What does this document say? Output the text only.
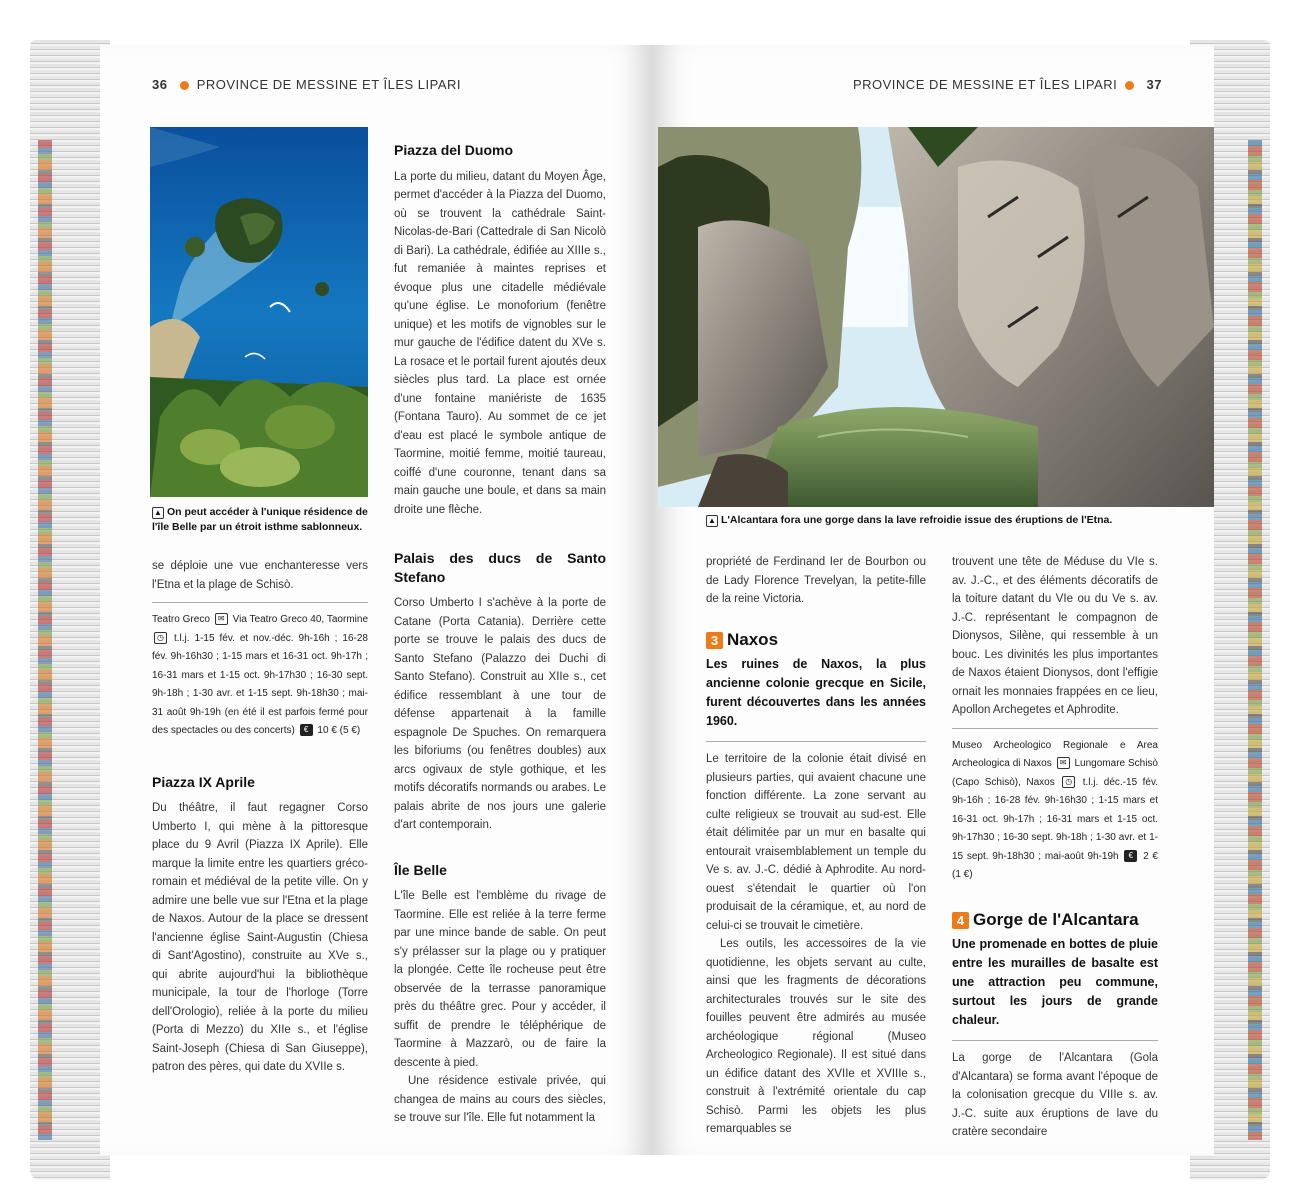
36 PROVINCE DE MESSINE ET ÎLES LIPARI
▲ On peut accéder à l'unique résidence de l'île Belle par un étroit isthme sablonneux.

se déploie une vue enchanteresse vers l'Etna et la plage de Schisò.

Teatro Greco ✉ Via Teatro Greco 40, Taormine ◷ t.l.j. 1-15 fév. et nov.-déc. 9h-16h ; 16-28 fév. 9h-16h30 ; 1-15 mars et 16-31 oct. 9h-17h ; 16-31 mars et 1-15 oct. 9h-17h30 ; 16-30 sept. 9h-18h ; 1-30 avr. et 1-15 sept. 9h-18h30 ; mai-31 août 9h-19h (en été il est parfois fermé pour des spectacles ou des concerts) € 10 € (5 €)
Piazza IX Aprile

Du théâtre, il faut regagner Corso Umberto I, qui mène à la pittoresque place du 9 Avril (Piazza IX Aprile). Elle marque la limite entre les quartiers gréco-romain et médiéval de la petite ville. On y admire une belle vue sur l'Etna et la plage de Naxos. Autour de la place se dressent l'ancienne église Saint-Augustin (Chiesa di Sant'Agostino), construite au XVe s., qui abrite aujourd'hui la bibliothèque municipale, la tour de l'horloge (Torre dell'Orologio), reliée à la porte du milieu (Porta di Mezzo) du XIIe s., et l'église Saint-Joseph (Chiesa di San Giuseppe), patron des pères, qui date du XVIIe s.

Piazza del Duomo

La porte du milieu, datant du Moyen Âge, permet d'accéder à la Piazza del Duomo, où se trouvent la cathédrale Saint-Nicolas-de-Bari (Cattedrale di San Nicolò di Bari). La cathédrale, édifiée au XIIIe s., fut remaniée à maintes reprises et évoque plus une citadelle médiévale qu'une église. Le monoforium (fenêtre unique) et les motifs de vignobles sur le mur gauche de l'édifice datent du XVe s. La rosace et le portail furent ajoutés deux siècles plus tard. La place est ornée d'une fontaine maniériste de 1635 (Fontana Tauro). Au sommet de ce jet d'eau est placé le symbole antique de Taormine, moitié femme, moitié taureau, coiffé d'une couronne, tenant dans sa main gauche une boule, et dans sa main droite une flèche.

Palais des ducs de Santo Stefano

Corso Umberto I s'achève à la porte de Catane (Porta Catania). Derrière cette porte se trouve le palais des ducs de Santo Stefano (Palazzo dei Duchi di Santo Stefano). Construit au XIIe s., cet édifice ressemblant à une tour de défense appartenait à la famille espagnole De Spuches. On remarquera les biforiums (ou fenêtres doubles) aux arcs ogivaux de style gothique, et les motifs décoratifs normands ou arabes. Le palais abrite de nos jours une galerie d'art contemporain.

Île Belle

L'île Belle est l'emblème du rivage de Taormine. Elle est reliée à la terre ferme par une mince bande de sable. On peut s'y prélasser sur la plage ou y pratiquer la plongée. Cette île rocheuse peut être observée de la terrasse panoramique près du théâtre grec. Pour y accéder, il suffit de prendre le téléphérique de Taormine à Mazzarò, ou de faire la descente à pied.

Une résidence estivale privée, qui changea de mains au cours des siècles, se trouve sur l'île. Elle fut notamment la

PROVINCE DE MESSINE ET ÎLES LIPARI 37
▲ L'Alcantara fora une gorge dans la lave refroidie issue des éruptions de l'Etna.

propriété de Ferdinand Ier de Bourbon ou de Lady Florence Trevelyan, la petite-fille de la reine Victoria.

3 Naxos
Les ruines de Naxos, la plus ancienne colonie grecque en Sicile, furent découvertes dans les années 1960.

Le territoire de la colonie était divisé en plusieurs parties, qui avaient chacune une fonction différente. La zone servant au culte religieux se trouvait au sud-est. Elle était délimitée par un mur en basalte qui entourait vraisemblablement un temple du Ve s. av. J.-C. dédié à Aphrodite. Au nord-ouest s'étendait le quartier où l'on produisait de la céramique, et, au nord de celui-ci se trouvait le cimetière.

Les outils, les accessoires de la vie quotidienne, les objets servant au culte, ainsi que les fragments de décorations architecturales trouvés sur le site des fouilles peuvent être admirés au musée archéologique régional (Museo Archeologico Regionale). Il est situé dans un édifice datant des XVIIe et XVIIIe s., construit à l'extrémité orientale du cap Schisò. Parmi les objets les plus remarquables se

trouvent une tête de Méduse du VIe s. av. J.-C., et des éléments décoratifs de la toiture datant du VIe ou du Ve s. av. J.-C. représentant le compagnon de Dionysos, Silène, qui ressemble à un bouc. Les divinités les plus importantes de Naxos étaient Dionysos, dont l'effigie ornait les monnaies frappées en ce lieu, Apollon Archegetes et Aphrodite.

Museo Archeologico Regionale e Area Archeologica di Naxos ✉ Lungomare Schisò (Capo Schisò), Naxos ◷ t.l.j. déc.-15 fév. 9h-16h ; 16-28 fév. 9h-16h30 ; 1-15 mars et 16-31 oct. 9h-17h ; 16-31 mars et 1-15 oct. 9h-17h30 ; 16-30 sept. 9h-18h ; 1-30 avr. et 1-15 sept. 9h-18h30 ; mai-août 9h-19h € 2 € (1 €)
4 Gorge de l'Alcantara
Une promenade en bottes de pluie entre les murailles de basalte est une attraction peu commune, surtout les jours de grande chaleur.

La gorge de l'Alcantara (Gola d'Alcantara) se forma avant l'époque de la colonisation grecque du VIIIe s. av. J.-C. suite aux éruptions de lave du cratère secondaire
